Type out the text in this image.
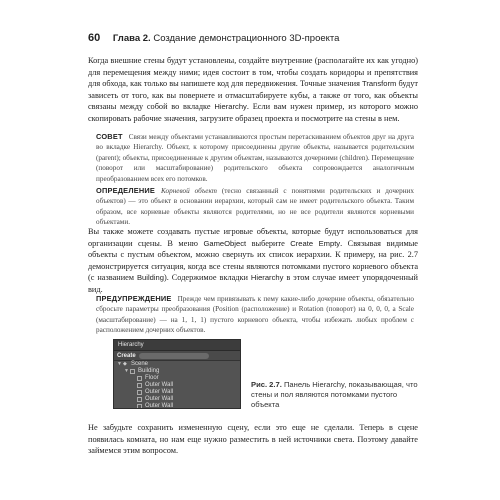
60 Глава 2. Создание демонстрационного 3D-проекта
Когда внешние стены будут установлены, создайте внутренние (располагайте их как угодно) для перемещения между ними; идея состоит в том, чтобы создать коридоры и препятствия для обхода, как только вы напишете код для передвижения. Точные значения Transform будут зависеть от того, как вы повернете и отмасштабируете кубы, а также от того, как объекты связаны между собой во вкладке Hierarchy. Если вам нужен пример, из которого можно скопировать рабочие значения, загрузите образец проекта и посмотрите на стены в нем.
СОВЕТ Связи между объектами устанавливаются простым перетаскиванием объектов друг на друга во вкладке Hierarchy. Объект, к которому присоединены другие объекты, называется родительским (parent); объекты, присоединенные к другим объектам, называются дочерними (children). Перемещение (поворот или масштабирование) родительского объекта сопровождается аналогичным преобразованием всех его потомков.
ОПРЕДЕЛЕНИЕ Корневой объект (тесно связанный с понятиями родительских и дочерних объектов) — это объект в основании иерархии, который сам не имеет родительского объекта. Таким образом, все корневые объекты являются родителями, но не все родители являются корневыми объектами.
Вы также можете создавать пустые игровые объекты, которые будут использоваться для организации сцены. В меню GameObject выберите Create Empty. Связывая видимые объекты с пустым объектом, можно свернуть их список иерархии. К примеру, на рис. 2.7 демонстрируется ситуация, когда все стены являются потомками пустого корневого объекта (с названием Building). Содержимое вкладки Hierarchy в этом случае имеет упорядоченный вид.
ПРЕДУПРЕЖДЕНИЕ Прежде чем привязывать к пему какие-либо дочерние объекты, обязательно сбросьте параметры преобразования (Position (расположение) и Rotation (поворот) на 0, 0, 0, a Scale (масштабирование) — на 1, 1, 1) пустого корневого объекта, чтобы избежать любых проблем с расположением дочерних объектов.
Hierarchy
Create
▼ ◆ Scene
▼ Building
Floor
Outer Wall
Outer Wall
Outer Wall
Outer Wall
Рис. 2.7. Панель Hierarchy, показывающая, что стены и пол являются потомками пустого объекта
Не забудьте сохранить измененную сцену, если это еще не сделали. Теперь в сцене появилась комната, но нам еще нужно разместить в ней источники света. Поэтому давайте займемся этим вопросом.
